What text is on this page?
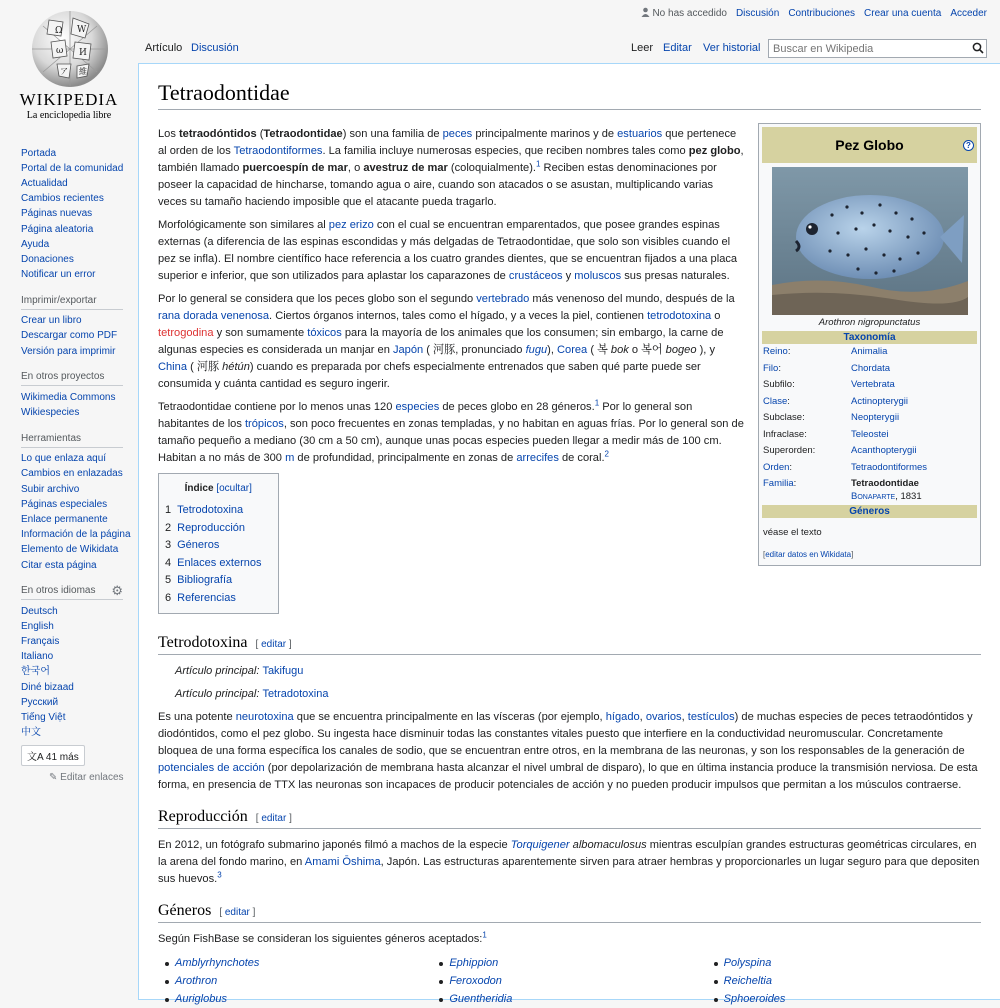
Ω W
ω И
ア 維
WIKIPEDIA
La enciclopedia libre
No has accedido Discusión Contribuciones Crear una cuenta Acceder
Artículo Discusión	Leer Editar Ver historial
Buscar en Wikipedia
Portada
Portal de la comunidad
Actualidad
Cambios recientes
Páginas nuevas
Página aleatoria
Ayuda
Donaciones
Notificar un error
Imprimir/exportar
Crear un libro
Descargar como PDF
Versión para imprimir
En otros proyectos
Wikimedia Commons
Wikiespecies
Herramientas
Lo que enlaza aquí
Cambios en enlazadas
Subir archivo
Páginas especiales
Enlace permanente
Información de la página
Elemento de Wikidata
Citar esta página
En otros idiomas ⚙
Deutsch
English
Français
Italiano
한국어
Diné bizaad
Русский
Tiếng Việt
中文
文A 41 más
✎ Editar enlaces
Tetraodontidae
Pez Globo	?
Arothron nigropunctatus
Taxonomía
Reino:	Animalia
Filo:	Chordata
Subfilo:	Vertebrata
Clase:	Actinopterygii
Subclase:	Neopterygii
Infraclase:	Teleostei
Superorden:	Acanthopterygii
Orden:	Tetraodontiformes
Familia:	Tetraodontidae
Bonaparte, 1831
Géneros
véase el texto
[editar datos en Wikidata]

Los tetraodóntidos (Tetraodontidae) son una familia de peces principalmente marinos y de estuarios que pertenece al orden de los Tetraodontiformes. La familia incluye numerosas especies, que reciben nombres tales como pez globo, también llamado puercoespín de mar, o avestruz de mar (coloquialmente).$^1$ Reciben estas denominaciones por poseer la capacidad de hincharse, tomando agua o aire, cuando son atacados o se asustan, multiplicando varias veces su tamaño haciendo imposible que el atacante pueda tragarlo.

Morfológicamente son similares al pez erizo con el cual se encuentran emparentados, que posee grandes espinas externas (a diferencia de las espinas escondidas y más delgadas de Tetraodontidae, que solo son visibles cuando el pez se infla). El nombre científico hace referencia a los cuatro grandes dientes, que se encuentran fijados a una placa superior e inferior, que son utilizados para aplastar los caparazones de crustáceos y moluscos sus presas naturales.

Por lo general se considera que los peces globo son el segundo vertebrado más venenoso del mundo, después de la rana dorada venenosa. Ciertos órganos internos, tales como el hígado, y a veces la piel, contienen tetrodotoxina o tetrogodina y son sumamente tóxicos para la mayoría de los animales que los consumen; sin embargo, la carne de algunas especies es considerada un manjar en Japón ( 河豚, pronunciado fugu), Corea ( 복 bok o 복어 bogeo ), y China ( 河豚 hétún) cuando es preparada por chefs especialmente entrenados que saben qué parte puede ser consumida y cuánta cantidad es seguro ingerir.

Tetraodontidae contiene por lo menos unas 120 especies de peces globo en 28 géneros.$^1$ Por lo general son habitantes de los trópicos, son poco frecuentes en zonas templadas, y no habitan en aguas frías. Por lo general son de tamaño pequeño a mediano (30 cm a 50 cm), aunque unas pocas especies pueden llegar a medir más de 100 cm. Habitan a no más de 300 m de profundidad, principalmente en zonas de arrecifes de coral.$^2$

Índice [ocultar]
1 Tetrodotoxina
2 Reproducción
3 Géneros
4 Enlaces externos
5 Bibliografía
6 Referencias
Tetrodotoxina [ editar ]
Artículo principal: Takifugu
Artículo principal: Tetradotoxina

Es una potente neurotoxina que se encuentra principalmente en las vísceras (por ejemplo, hígado, ovarios, testículos) de muchas especies de peces tetraodóntidos y diodóntidos, como el pez globo. Su ingesta hace disminuir todas las constantes vitales puesto que interfiere en la conductividad neuromuscular. Concretamente bloquea de una forma específica los canales de sodio, que se encuentran entre otros, en la membrana de las neuronas, y son los responsables de la generación de potenciales de acción (por depolarización de membrana hasta alcanzar el nivel umbral de disparo), lo que en última instancia produce la transmisión nerviosa. De esta forma, en presencia de TTX las neuronas son incapaces de producir potenciales de acción y no pueden producir impulsos que permitan a los músculos contraerse.

Reproducción [ editar ]

En 2012, un fotógrafo submarino japonés filmó a machos de la especie Torquigener albomaculosus mientras esculpían grandes estructuras geométricas circulares, en la arena del fondo marino, en Amami Ōshima, Japón. Las estructuras aparentemente sirven para atraer hembras y proporcionarles un lugar seguro para que depositen sus huevos.$^3$

Géneros [ editar ]

Según FishBase se consideran los siguientes géneros aceptados:$^1$

Amblyrhynchotes
Arothron
Auriglobus
Ephippion
Feroxodon
Guentheridia
Polyspina
Reicheltia
Sphoeroides
